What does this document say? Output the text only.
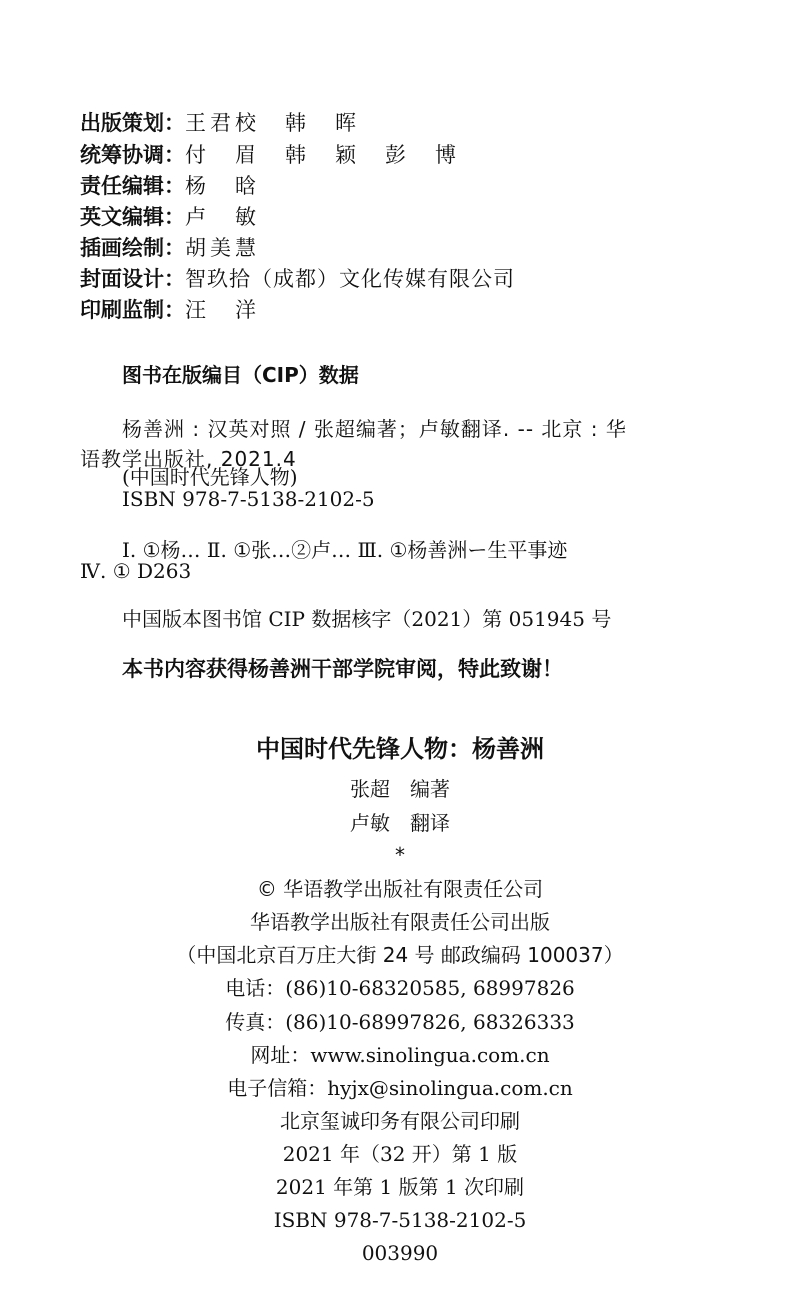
出版策划：王君校　韩　晖
统筹协调：付　眉　韩　颖　彭　博
责任编辑：杨　晗
英文编辑：卢　敏
插画绘制：胡美慧
封面设计：智玖拾（成都）文化传媒有限公司
印刷监制：汪　洋
图书在版编目（CIP）数据
杨善洲 : 汉英对照 / 张超编著；卢敏翻译. -- 北京 : 华
语教学出版社, 2021.4
(中国时代先锋人物)
ISBN 978-7-5138-2102-5
Ⅰ. ①杨… Ⅱ. ①张…②卢… Ⅲ. ①杨善洲ー生平事迹
Ⅳ. ① D263
中国版本图书馆 CIP 数据核字（2021）第 051945 号
本书内容获得杨善洲干部学院审阅，特此致谢！
中国时代先锋人物：杨善洲
张超　编著
卢敏　翻译
*
© 华语教学出版社有限责任公司
华语教学出版社有限责任公司出版
（中国北京百万庄大街 24 号 邮政编码 100037）
电话：(86)10-68320585, 68997826
传真：(86)10-68997826, 68326333
网址：www.sinolingua.com.cn
电子信箱：hyjx@sinolingua.com.cn
北京玺诚印务有限公司印刷
2021 年（32 开）第 1 版
2021 年第 1 版第 1 次印刷
ISBN 978-7-5138-2102-5
003990
